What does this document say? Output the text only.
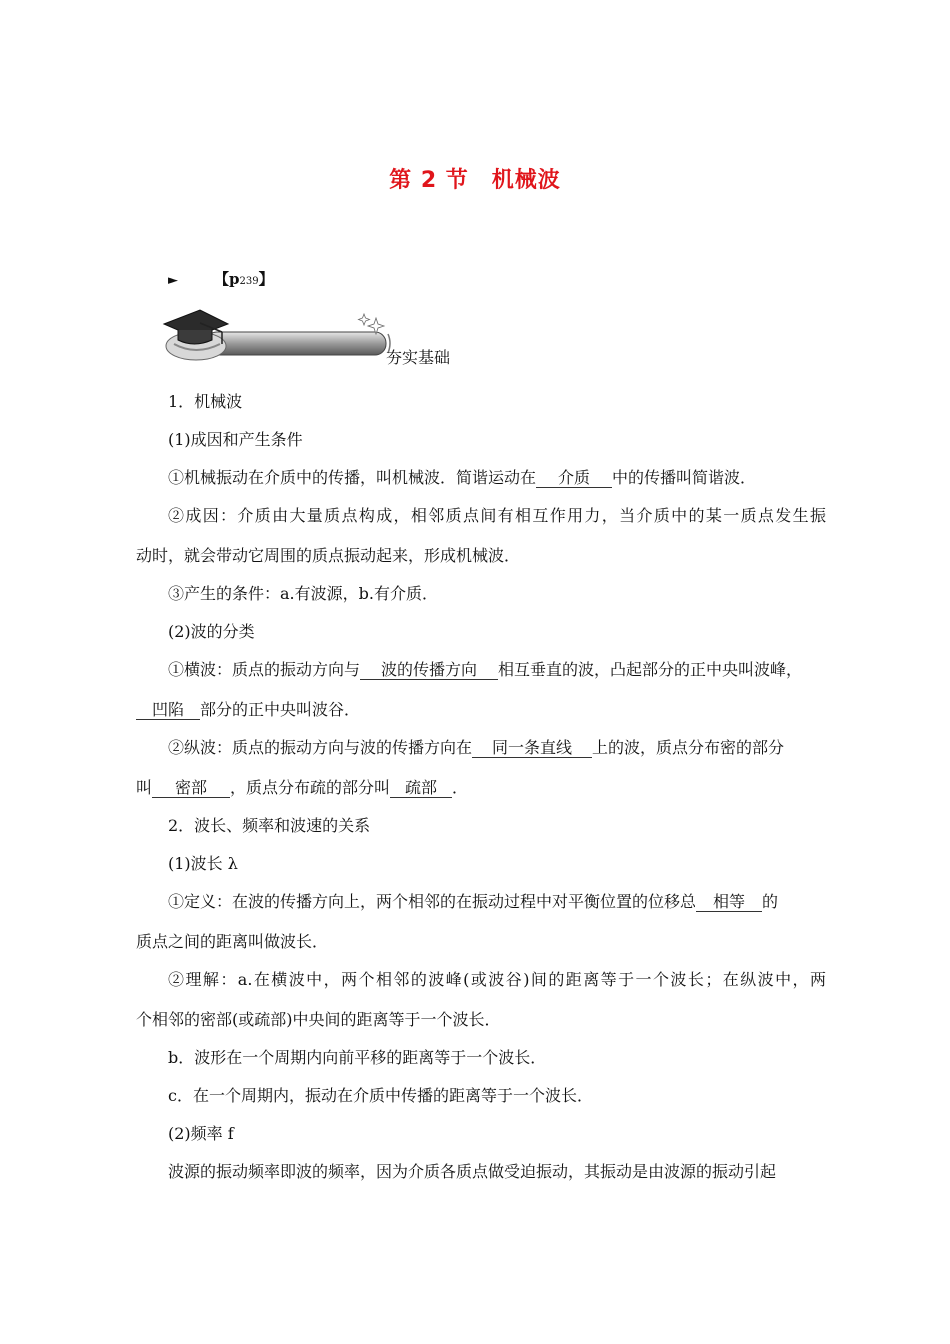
第 2 节　机械波
► 【p239】
夯实基础
1．机械波
(1)成因和产生条件
①机械振动在介质中的传播，叫机械波．简谐运动在 介质 中的传播叫简谐波．
②成因：介质由大量质点构成，相邻质点间有相互作用力，当介质中的某一质点发生振
动时，就会带动它周围的质点振动起来，形成机械波．
③产生的条件：a.有波源，b.有介质．
(2)波的分类
①横波：质点的振动方向与 波的传播方向 相互垂直的波，凸起部分的正中央叫波峰，
凹陷 部分的正中央叫波谷．
②纵波：质点的振动方向与波的传播方向在 同一条直线 上的波，质点分布密的部分
叫 密部 ，质点分布疏的部分叫 疏部 ．
2．波长、频率和波速的关系
(1)波长 λ
①定义：在波的传播方向上，两个相邻的在振动过程中对平衡位置的位移总 相等 的
质点之间的距离叫做波长．
②理解：a.在横波中，两个相邻的波峰(或波谷)间的距离等于一个波长；在纵波中，两
个相邻的密部(或疏部)中央间的距离等于一个波长．
b．波形在一个周期内向前平移的距离等于一个波长．
c．在一个周期内，振动在介质中传播的距离等于一个波长．
(2)频率 f
波源的振动频率即波的频率，因为介质各质点做受迫振动，其振动是由波源的振动引起
